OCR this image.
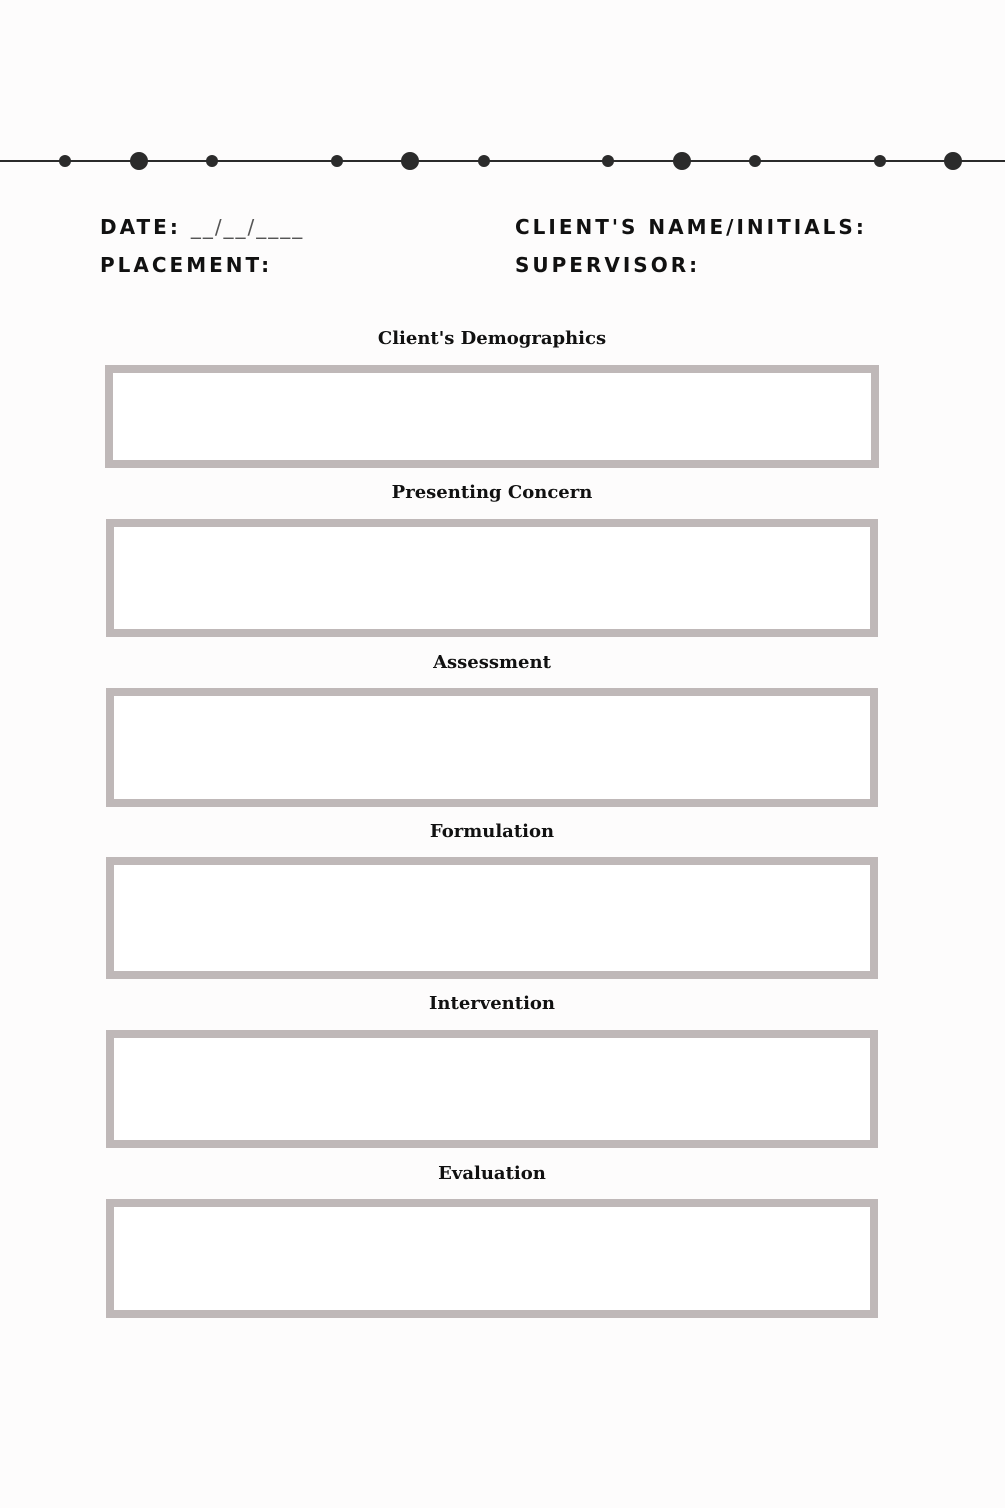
DATE: __/__/____
PLACEMENT:
CLIENT'S NAME/INITIALS:
SUPERVISOR:
Client's Demographics
Presenting Concern
Assessment
Formulation
Intervention
Evaluation
